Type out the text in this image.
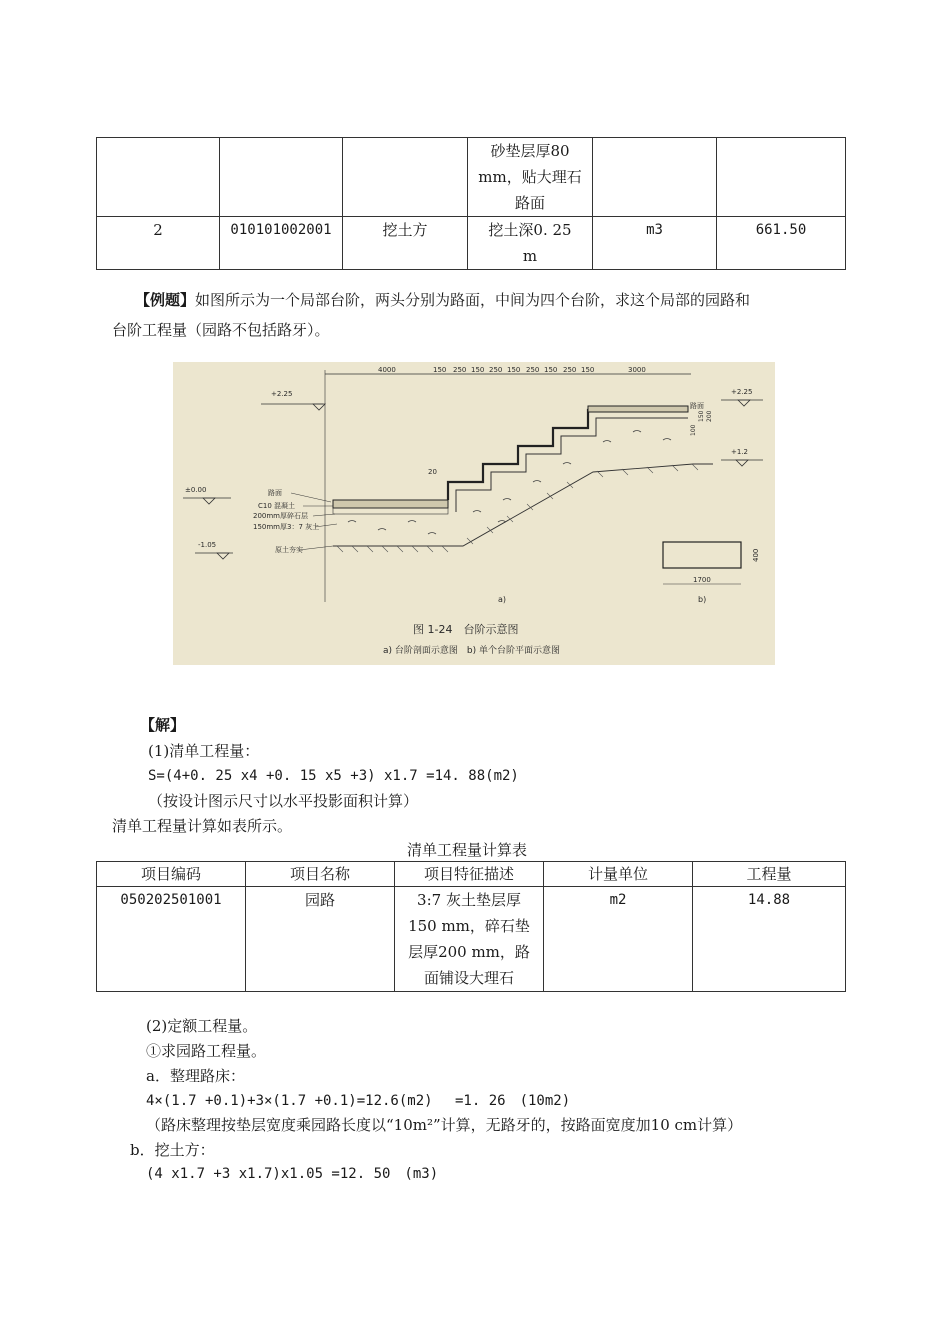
			砂垫层厚80
mm，贴大理石
路面		

2	010101002001	挖土方	挖土深0. 25
m	m3	661.50
【例题】如图所示为一个局部台阶，两头分别为路面，中间为四个台阶，求这个局部的园路和
台阶工程量（园路不包括路牙）。
4000	150 250 150 250 150 250 150 250 150	3000
+2.25
±0.00
-1.05
+2.25
+1.2
路面
C10 混凝土
200mm厚碎石层
150mm厚3：7 灰土
原土夯实
路面
20
100
150 200
1700
400
b)
a)
图 1-24　台阶示意图
a) 台阶剖面示意图　b) 单个台阶平面示意图
【解】
(1)清单工程量：
S=(4+0. 25 x4 +0. 15 x5 +3) x1.7 =14. 88(m2)
（按设计图示尺寸以水平投影面积计算）
清单工程量计算如表所示。
清单工程量计算表
项目编码	项目名称	项目特征描述	计量单位	工程量
050202501001	园路	3:7 灰土垫层厚
150 mm，碎石垫
层厚200 mm，路
面铺设大理石	m2	14.88
(2)定额工程量。
①求园路工程量。
a．整理路床：
4×(1.7 +0.1)+3×(1.7 +0.1)=12.6(m2)　 =1. 26　(10m2)
（路床整理按垫层宽度乘园路长度以“10m²”计算，无路牙的，按路面宽度加10 cm计算）
b．挖土方：
(4 x1.7 +3 x1.7)x1.05 =12. 50　(m3)
